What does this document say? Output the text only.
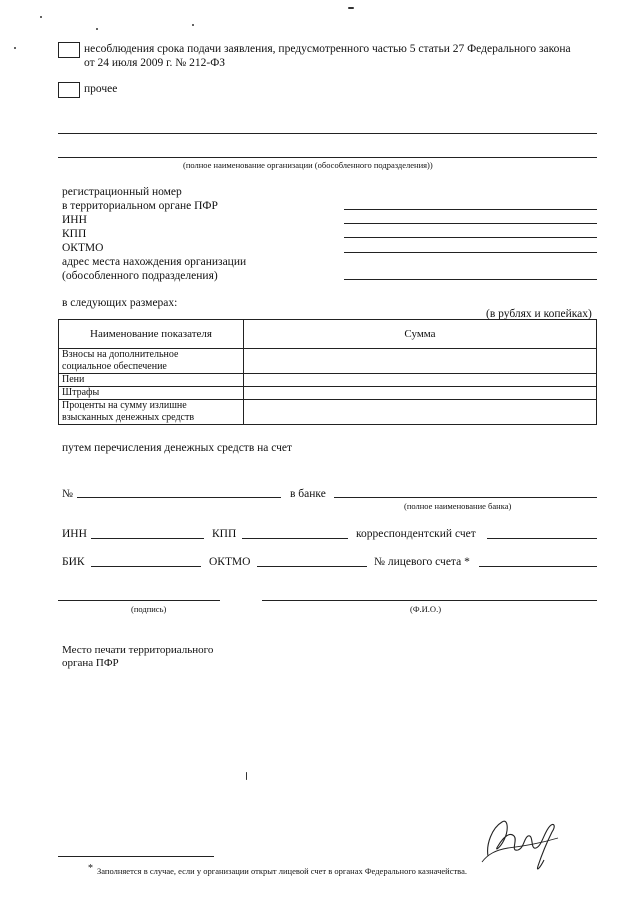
несоблюдения срока подачи заявления, предусмотренного частью 5 статьи 27 Федерального закона
от 24 июля 2009 г. № 212-ФЗ
прочее
(полное наименование организации (обособленного подразделения))
регистрационный номер
в территориальном органе ПФР
ИНН
КПП
ОКТМО
адрес места нахождения организации
(обособленного подразделения)
в следующих размерах:
(в рублях и копейках)
Наименование показателя	Сумма

Взносы на дополнительное
социальное обеспечение	

Пени	
Штрафы	

Проценты на сумму излишне
взысканных денежных средств	

путем перечисления денежных средств на счет
№	в банке
(полное наименование банка)
ИНН	КПП	корреспондентский счет
БИК	ОКТМО	№ лицевого счета *
(подпись)	(Ф.И.О.)
Место печати территориального
органа ПФР
* Заполняется в случае, если у организации открыт лицевой счет в органах Федерального казначейства.
